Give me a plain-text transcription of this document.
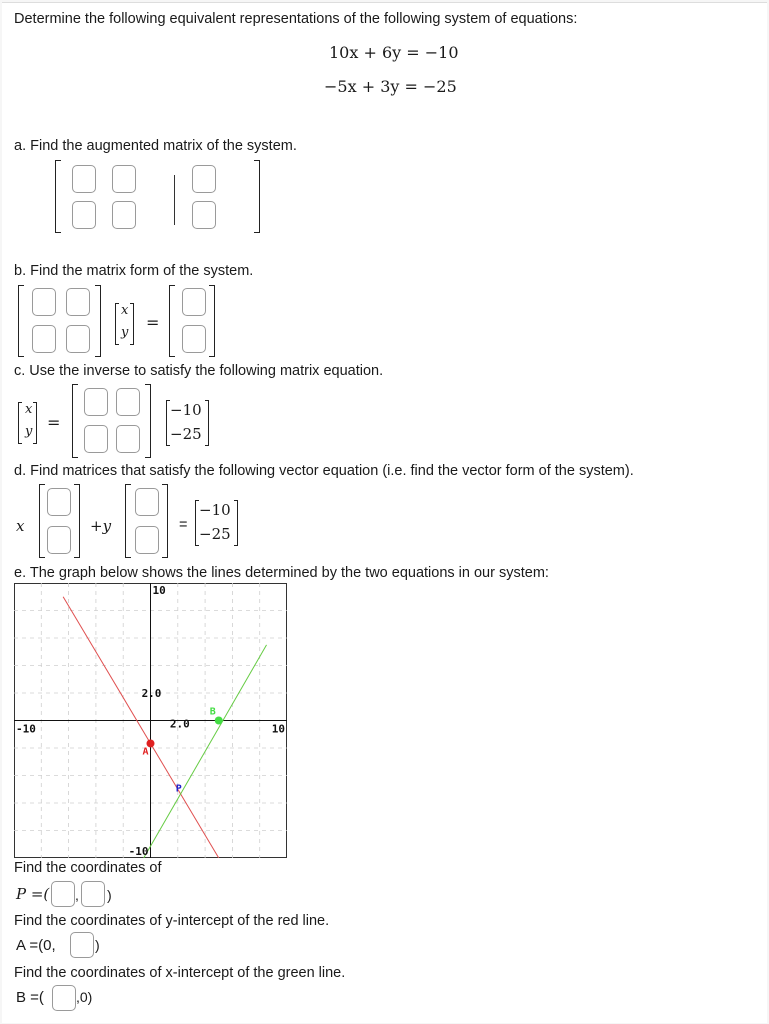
Determine the following equivalent representations of the following system of equations:
10x + 6y = −10
−5x + 3y = −25
a. Find the augmented matrix of the system.
b. Find the matrix form of the system.
x
y
=
c. Use the inverse to satisfy the following matrix equation.
x
y =
−10
−25
d. Find matrices that satisfy the following vector equation (i.e. find the vector form of the system).
x	+y	=
−10
−25
e. The graph below shows the lines determined by the two equations in our system:
10
-10
-10	10
2.0
2.0
A
B
P
Find the coordinates of
P =( , )
Find the coordinates of y-intercept of the red line.
A =(0,	)
Find the coordinates of x-intercept of the green line.
B =( ,0)
